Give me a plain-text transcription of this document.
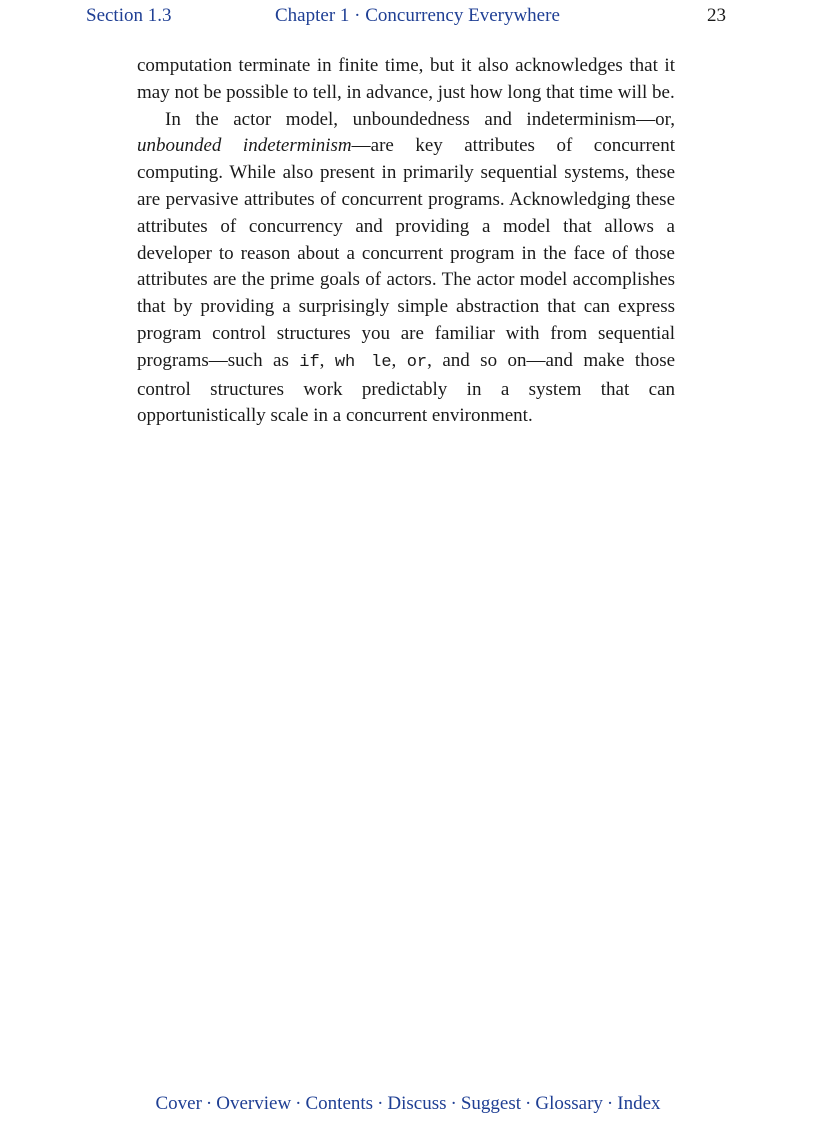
Section 1.3	Chapter 1 · Concurrency Everywhere	23

computation terminate in finite time, but it also acknowledges that it may not be possible to tell, in advance, just how long that time will be.

In the actor model, unboundedness and indeterminism—or, unbounded indeterminism—are key attributes of concurrent computing. While also present in primarily sequential systems, these are pervasive attributes of concurrent programs. Acknowledging these attributes of concurrency and providing a model that allows a developer to reason about a concurrent program in the face of those attributes are the prime goals of actors. The actor model accomplishes that by providing a surprisingly simple abstraction that can express program control structures you are familiar with from sequential programs—such as if, wh le, or, and so on—and make those control structures work predictably in a system that can opportunistically scale in a concurrent environment.

Cover · Overview · Contents · Discuss · Suggest · Glossary · Index
